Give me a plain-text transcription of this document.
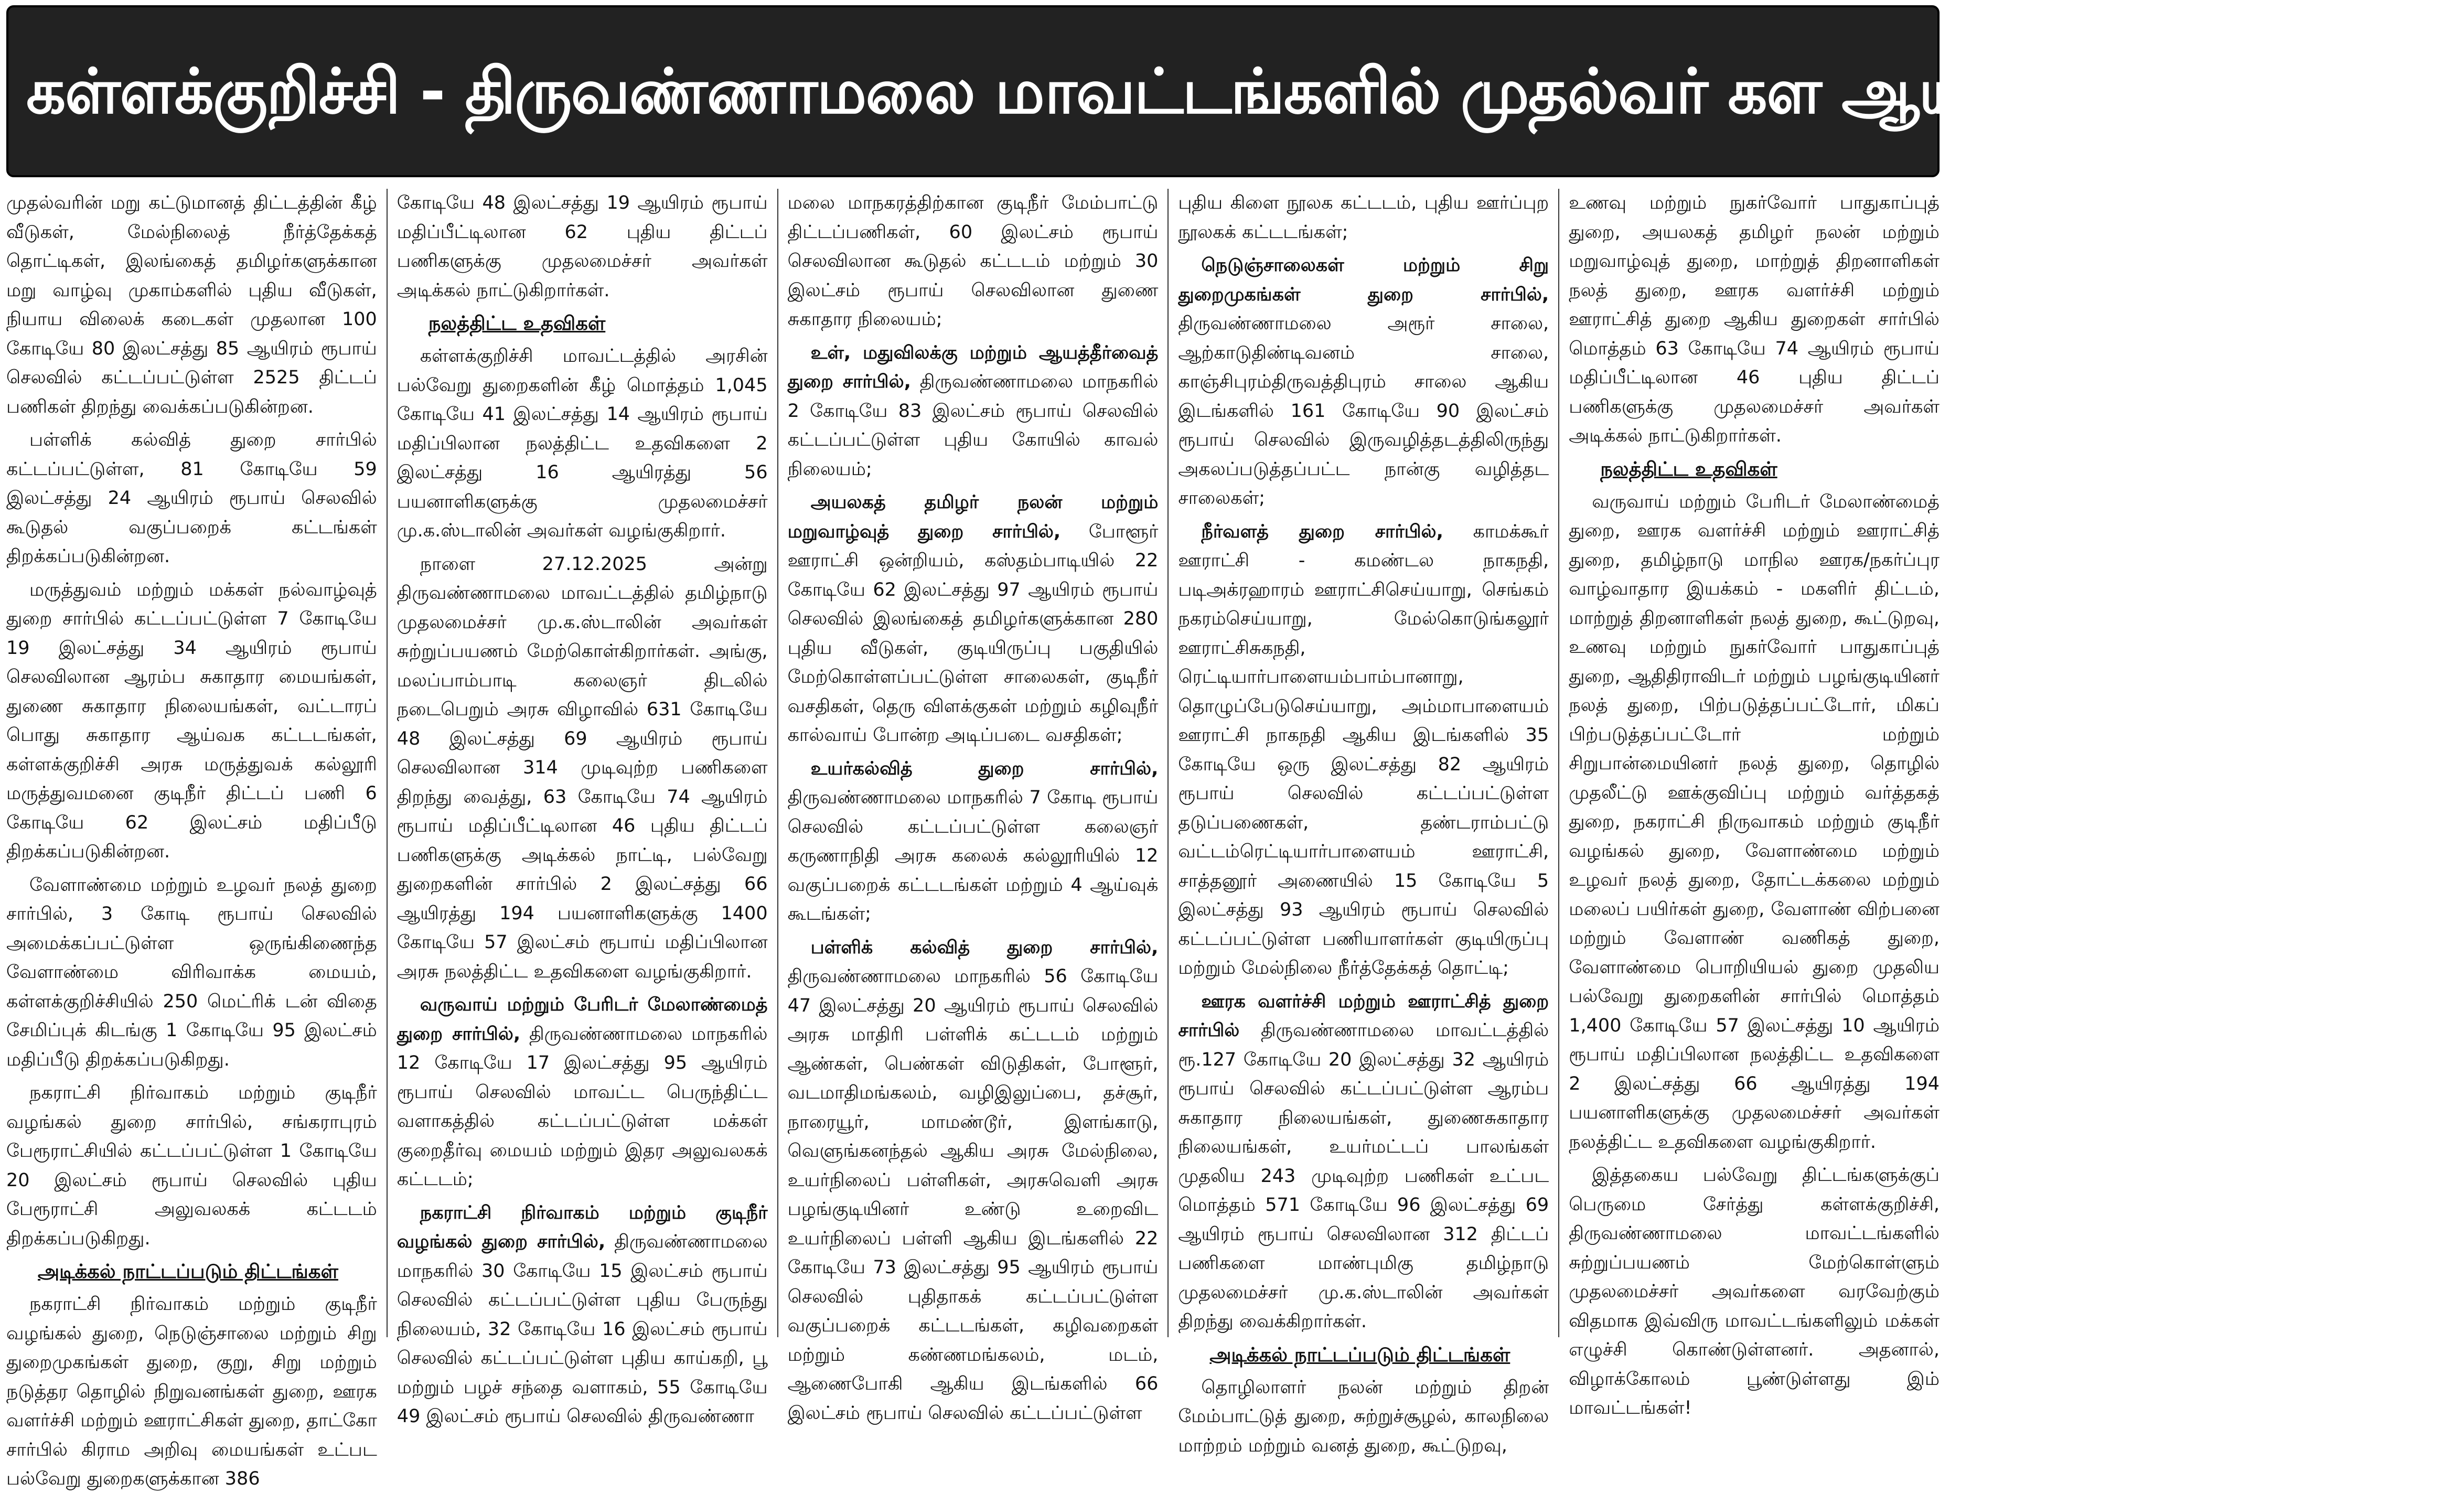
கள்ளக்குறிச்சி - திருவண்ணாமலை மாவட்டங்களில் முதல்வர் கள ஆய்வு!… முதல் பக்கத் தொடர்ச்சி!

முதல்வரின் மறு கட்டுமானத் திட்டத்தின் கீழ் வீடுகள், மேல்நிலைத் நீர்த்தேக்கத் தொட்டிகள், இலங்கைத் தமிழர்களுக்கான மறு வாழ்வு முகாம்களில் புதிய வீடுகள், நியாய விலைக் கடைகள் முதலான 100 கோடியே 80 இலட்சத்து 85 ஆயிரம் ரூபாய் செலவில் கட்டப்பட்டுள்ள 2525 திட்டப் பணிகள் திறந்து வைக்கப்படுகின்றன.

பள்ளிக் கல்வித் துறை சார்பில் கட்டப்பட்டுள்ள, 81 கோடியே 59 இலட்சத்து 24 ஆயிரம் ரூபாய் செலவில் கூடுதல் வகுப்பறைக் கட்டங்கள் திறக்கப்படுகின்றன.

மருத்துவம் மற்றும் மக்கள் நல்வாழ்வுத் துறை சார்பில் கட்டப்பட்டுள்ள 7 கோடியே 19 இலட்சத்து 34 ஆயிரம் ரூபாய் செலவிலான ஆரம்ப சுகாதார மையங்கள், துணை சுகாதார நிலையங்கள், வட்டாரப் பொது சுகாதார ஆய்வக கட்டடங்கள், கள்ளக்குறிச்சி அரசு மருத்துவக் கல்லூரி மருத்துவமனை குடிநீர் திட்டப் பணி 6 கோடியே 62 இலட்சம் மதிப்பீடு திறக்கப்படுகின்றன.

வேளாண்மை மற்றும் உழவர் நலத் துறை சார்பில், 3 கோடி ரூபாய் செலவில் அமைக்கப்பட்டுள்ள ஒருங்கிணைந்த வேளாண்மை விரிவாக்க மையம், கள்ளக்குறிச்சியில் 250 மெட்ரிக் டன் விதை சேமிப்புக் கிடங்கு 1 கோடியே 95 இலட்சம் மதிப்பீடு திறக்கப்படுகிறது.

நகராட்சி நிர்வாகம் மற்றும் குடிநீர் வழங்கல் துறை சார்பில், சங்கராபுரம் பேரூராட்சியில் கட்டப்பட்டுள்ள 1 கோடியே 20 இலட்சம் ரூபாய் செலவில் புதிய பேரூராட்சி அலுவலகக் கட்டடம் திறக்கப்படுகிறது.

அடிக்கல் நாட்டப்படும் திட்டங்கள்

நகராட்சி நிர்வாகம் மற்றும் குடிநீர் வழங்கல் துறை, நெடுஞ்சாலை மற்றும் சிறு துறைமுகங்கள் துறை, குறு, சிறு மற்றும் நடுத்தர தொழில் நிறுவனங்கள் துறை, ஊரக வளர்ச்சி மற்றும் ஊராட்சிகள் துறை, தாட்கோ சார்பில் கிராம அறிவு மையங்கள் உட்பட பல்வேறு துறைகளுக்கான 386

கோடியே 48 இலட்சத்து 19 ஆயிரம் ரூபாய் மதிப்பீட்டிலான 62 புதிய திட்டப் பணிகளுக்கு முதலமைச்சர் அவர்கள் அடிக்கல் நாட்டுகிறார்கள்.

நலத்திட்ட உதவிகள்

கள்ளக்குறிச்சி மாவட்டத்தில் அரசின் பல்வேறு துறைகளின் கீழ் மொத்தம் 1,045 கோடியே 41 இலட்சத்து 14 ஆயிரம் ரூபாய் மதிப்பிலான நலத்திட்ட உதவிகளை 2 இலட்சத்து 16 ஆயிரத்து 56 பயனாளிகளுக்கு முதலமைச்சர் மு.க.ஸ்டாலின் அவர்கள் வழங்குகிறார்.

நாளை 27.12.2025 அன்று திருவண்ணாமலை மாவட்டத்தில் தமிழ்நாடு முதலமைச்சர் மு.க.ஸ்டாலின் அவர்கள் சுற்றுப்பயணம் மேற்கொள்கிறார்கள். அங்கு, மலப்பாம்பாடி கலைஞர் திடலில் நடைபெறும் அரசு விழாவில் 631 கோடியே 48 இலட்சத்து 69 ஆயிரம் ரூபாய் செலவிலான 314 முடிவுற்ற பணிகளை திறந்து வைத்து, 63 கோடியே 74 ஆயிரம் ரூபாய் மதிப்பீட்டிலான 46 புதிய திட்டப் பணிகளுக்கு அடிக்கல் நாட்டி, பல்வேறு துறைகளின் சார்பில் 2 இலட்சத்து 66 ஆயிரத்து 194 பயனாளிகளுக்கு 1400 கோடியே 57 இலட்சம் ரூபாய் மதிப்பிலான அரசு நலத்திட்ட உதவிகளை வழங்குகிறார்.

வருவாய் மற்றும் பேரிடர் மேலாண்மைத் துறை சார்பில், திருவண்ணாமலை மாநகரில் 12 கோடியே 17 இலட்சத்து 95 ஆயிரம் ரூபாய் செலவில் மாவட்ட பெருந்திட்ட வளாகத்தில் கட்டப்பட்டுள்ள மக்கள் குறைதீர்வு மையம் மற்றும் இதர அலுவலகக் கட்டடம்;

நகராட்சி நிர்வாகம் மற்றும் குடிநீர் வழங்கல் துறை சார்பில், திருவண்ணாமலை மாநகரில் 30 கோடியே 15 இலட்சம் ரூபாய் செலவில் கட்டப்பட்டுள்ள புதிய பேருந்து நிலையம், 32 கோடியே 16 இலட்சம் ரூபாய் செலவில் கட்டப்பட்டுள்ள புதிய காய்கறி, பூ மற்றும் பழச் சந்தை வளாகம், 55 கோடியே 49 இலட்சம் ரூபாய் செலவில் திருவண்ணா

மலை மாநகரத்திற்கான குடிநீர் மேம்பாட்டு திட்டப்பணிகள், 60 இலட்சம் ரூபாய் செலவிலான கூடுதல் கட்டடம் மற்றும் 30 இலட்சம் ரூபாய் செலவிலான துணை சுகாதார நிலையம்;

உள், மதுவிலக்கு மற்றும் ஆயத்தீர்வைத் துறை சார்பில், திருவண்ணாமலை மாநகரில் 2 கோடியே 83 இலட்சம் ரூபாய் செலவில் கட்டப்பட்டுள்ள புதிய கோயில் காவல் நிலையம்;

அயலகத் தமிழர் நலன் மற்றும் மறுவாழ்வுத் துறை சார்பில், போளூர் ஊராட்சி ஒன்றியம், கஸ்தம்பாடியில் 22 கோடியே 62 இலட்சத்து 97 ஆயிரம் ரூபாய் செலவில் இலங்கைத் தமிழர்களுக்கான 280 புதிய வீடுகள், குடியிருப்பு பகுதியில் மேற்கொள்ளப்பட்டுள்ள சாலைகள், குடிநீர் வசதிகள், தெரு விளக்குகள் மற்றும் கழிவுநீர் கால்வாய் போன்ற அடிப்படை வசதிகள்;

உயர்கல்வித் துறை சார்பில், திருவண்ணாமலை மாநகரில் 7 கோடி ரூபாய் செலவில் கட்டப்பட்டுள்ள கலைஞர் கருணாநிதி அரசு கலைக் கல்லூரியில் 12 வகுப்பறைக் கட்டடங்கள் மற்றும் 4 ஆய்வுக் கூடங்கள்;

பள்ளிக் கல்வித் துறை சார்பில், திருவண்ணாமலை மாநகரில் 56 கோடியே 47 இலட்சத்து 20 ஆயிரம் ரூபாய் செலவில் அரசு மாதிரி பள்ளிக் கட்டடம் மற்றும் ஆண்கள், பெண்கள் விடுதிகள், போளூர், வடமாதிமங்கலம், வழிஇலுப்பை, தச்சூர், நாரையூர், மாமண்டூர், இளங்காடு, வெளுங்கனந்தல் ஆகிய அரசு மேல்நிலை, உயர்நிலைப் பள்ளிகள், அரசுவெளி அரசு பழங்குடியினர் உண்டு உறைவிட உயர்நிலைப் பள்ளி ஆகிய இடங்களில் 22 கோடியே 73 இலட்சத்து 95 ஆயிரம் ரூபாய் செலவில் புதிதாகக் கட்டப்பட்டுள்ள வகுப்பறைக் கட்டடங்கள், கழிவறைகள் மற்றும் கண்ணமங்கலம், மடம், ஆணைபோகி ஆகிய இடங்களில் 66 இலட்சம் ரூபாய் செலவில் கட்டப்பட்டுள்ள

புதிய கிளை நூலக கட்டடம், புதிய ஊர்ப்புற நூலகக் கட்டடங்கள்;

நெடுஞ்சாலைகள் மற்றும் சிறு துறைமுகங்கள் துறை சார்பில், திருவண்ணாமலை அரூர் சாலை, ஆற்காடுதிண்டிவனம் சாலை, காஞ்சிபுரம்திருவத்திபுரம் சாலை ஆகிய இடங்களில் 161 கோடியே 90 இலட்சம் ரூபாய் செலவில் இருவழித்தடத்திலிருந்து அகலப்படுத்தப்பட்ட நான்கு வழித்தட சாலைகள்;

நீர்வளத் துறை சார்பில், காமக்கூர் ஊராட்சி - கமண்டல நாகநதி, படிஅக்ரஹாரம் ஊராட்சிசெய்யாறு, செங்கம் நகரம்செய்யாறு, மேல்கொடுங்கலூர் ஊராட்சிசுகநதி, ரெட்டியார்பாளையம்பாம்பானாறு, தொழுப்பேடுசெய்யாறு, அம்மாபாளையம் ஊராட்சி நாகநதி ஆகிய இடங்களில் 35 கோடியே ஒரு இலட்சத்து 82 ஆயிரம் ரூபாய் செலவில் கட்டப்பட்டுள்ள தடுப்பணைகள், தண்டராம்பட்டு வட்டம்ரெட்டியார்பாளையம் ஊராட்சி, சாத்தனூர் அணையில் 15 கோடியே 5 இலட்சத்து 93 ஆயிரம் ரூபாய் செலவில் கட்டப்பட்டுள்ள பணியாளர்கள் குடியிருப்பு மற்றும் மேல்நிலை நீர்த்தேக்கத் தொட்டி;

ஊரக வளர்ச்சி மற்றும் ஊராட்சித் துறை சார்பில் திருவண்ணாமலை மாவட்டத்தில் ரூ.127 கோடியே 20 இலட்சத்து 32 ஆயிரம் ரூபாய் செலவில் கட்டப்பட்டுள்ள ஆரம்ப சுகாதார நிலையங்கள், துணைசுகாதார நிலையங்கள், உயர்மட்டப் பாலங்கள் முதலிய 243 முடிவுற்ற பணிகள் உட்பட மொத்தம் 571 கோடியே 96 இலட்சத்து 69 ஆயிரம் ரூபாய் செலவிலான 312 திட்டப் பணிகளை மாண்புமிகு தமிழ்நாடு முதலமைச்சர் மு.க.ஸ்டாலின் அவர்கள் திறந்து வைக்கிறார்கள்.

அடிக்கல் நாட்டப்படும் திட்டங்கள்

தொழிலாளர் நலன் மற்றும் திறன் மேம்பாட்டுத் துறை, சுற்றுச்சூழல், காலநிலை மாற்றம் மற்றும் வனத் துறை, கூட்டுறவு,

உணவு மற்றும் நுகர்வோர் பாதுகாப்புத் துறை, அயலகத் தமிழர் நலன் மற்றும் மறுவாழ்வுத் துறை, மாற்றுத் திறனாளிகள் நலத் துறை, ஊரக வளர்ச்சி மற்றும் ஊராட்சித் துறை ஆகிய துறைகள் சார்பில் மொத்தம் 63 கோடியே 74 ஆயிரம் ரூபாய் மதிப்பீட்டிலான 46 புதிய திட்டப் பணிகளுக்கு முதலமைச்சர் அவர்கள் அடிக்கல் நாட்டுகிறார்கள்.

நலத்திட்ட உதவிகள்

வருவாய் மற்றும் பேரிடர் மேலாண்மைத் துறை, ஊரக வளர்ச்சி மற்றும் ஊராட்சித் துறை, தமிழ்நாடு மாநில ஊரக/நகர்ப்புர வாழ்வாதார இயக்கம் - மகளிர் திட்டம், மாற்றுத் திறனாளிகள் நலத் துறை, கூட்டுறவு, உணவு மற்றும் நுகர்வோர் பாதுகாப்புத் துறை, ஆதிதிராவிடர் மற்றும் பழங்குடியினர் நலத் துறை, பிற்படுத்தப்பட்டோர், மிகப் பிற்படுத்தப்பட்டோர் மற்றும் சிறுபான்மையினர் நலத் துறை, தொழில் முதலீட்டு ஊக்குவிப்பு மற்றும் வர்த்தகத் துறை, நகராட்சி நிருவாகம் மற்றும் குடிநீர் வழங்கல் துறை, வேளாண்மை மற்றும் உழவர் நலத் துறை, தோட்டக்கலை மற்றும் மலைப் பயிர்கள் துறை, வேளாண் விற்பனை மற்றும் வேளாண் வணிகத் துறை, வேளாண்மை பொறியியல் துறை முதலிய பல்வேறு துறைகளின் சார்பில் மொத்தம் 1,400 கோடியே 57 இலட்சத்து 10 ஆயிரம் ரூபாய் மதிப்பிலான நலத்திட்ட உதவிகளை 2 இலட்சத்து 66 ஆயிரத்து 194 பயனாளிகளுக்கு முதலமைச்சர் அவர்கள் நலத்திட்ட உதவிகளை வழங்குகிறார்.

இத்தகைய பல்வேறு திட்டங்களுக்குப் பெருமை சேர்த்து கள்ளக்குறிச்சி, திருவண்ணாமலை மாவட்டங்களில் சுற்றுப்பயணம் மேற்கொள்ளும் முதலமைச்சர் அவர்களை வரவேற்கும் விதமாக இவ்விரு மாவட்டங்களிலும் மக்கள் எழுச்சி கொண்டுள்ளனர். அதனால், விழாக்கோலம் பூண்டுள்ளது இம் மாவட்டங்கள்!
